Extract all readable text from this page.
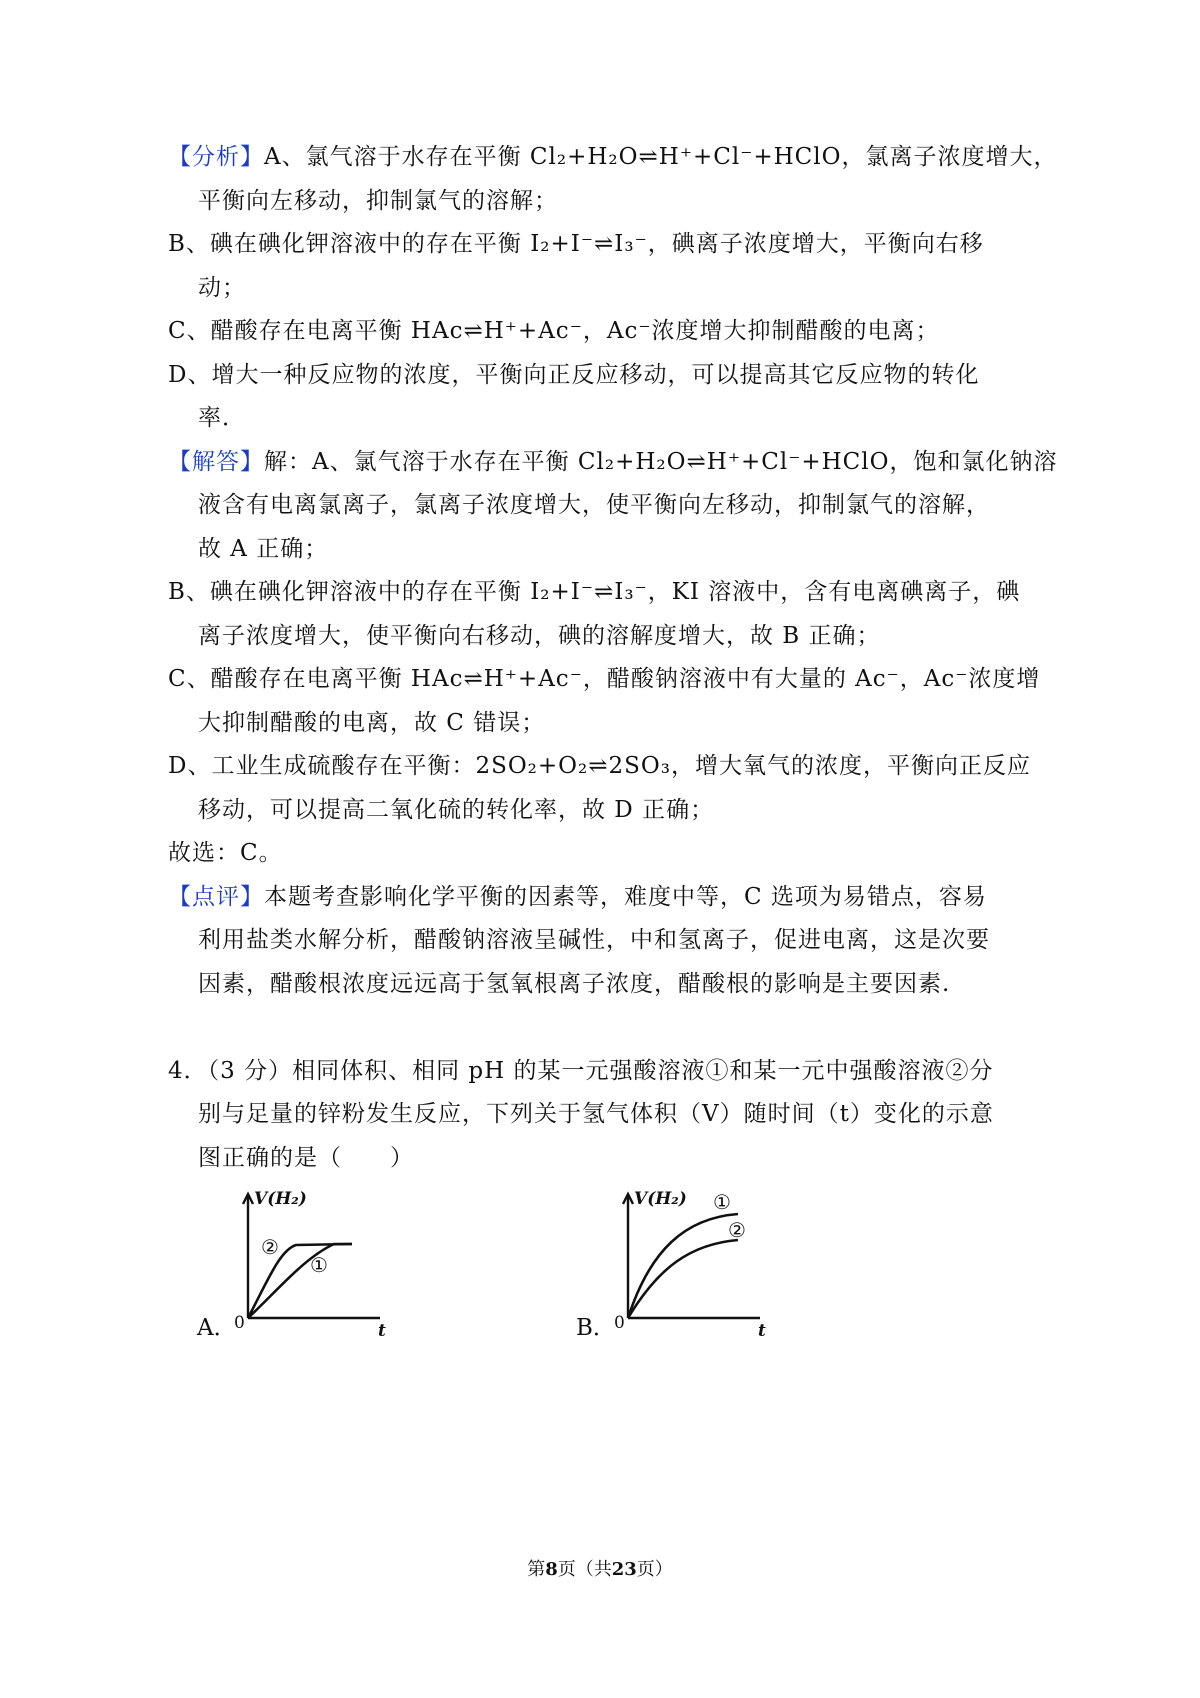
【分析】A、氯气溶于水存在平衡 Cl₂+H₂O⇌H⁺+Cl⁻+HClO，氯离子浓度增大，
平衡向左移动，抑制氯气的溶解；
B、碘在碘化钾溶液中的存在平衡 I₂+I⁻⇌I₃⁻，碘离子浓度增大，平衡向右移
动；
C、醋酸存在电离平衡 HAc⇌H⁺+Ac⁻，Ac⁻浓度增大抑制醋酸的电离；
D、增大一种反应物的浓度，平衡向正反应移动，可以提高其它反应物的转化
率．
【解答】解：A、氯气溶于水存在平衡 Cl₂+H₂O⇌H⁺+Cl⁻+HClO，饱和氯化钠溶
液含有电离氯离子，氯离子浓度增大，使平衡向左移动，抑制氯气的溶解，
故 A 正确；
B、碘在碘化钾溶液中的存在平衡 I₂+I⁻⇌I₃⁻，KI 溶液中，含有电离碘离子，碘
离子浓度增大，使平衡向右移动，碘的溶解度增大，故 B 正确；
C、醋酸存在电离平衡 HAc⇌H⁺+Ac⁻，醋酸钠溶液中有大量的 Ac⁻，Ac⁻浓度增
大抑制醋酸的电离，故 C 错误；
D、工业生成硫酸存在平衡：2SO₂+O₂⇌2SO₃，增大氧气的浓度，平衡向正反应
移动，可以提高二氧化硫的转化率，故 D 正确；
故选：C。
【点评】本题考查影响化学平衡的因素等，难度中等，C 选项为易错点，容易
利用盐类水解分析，醋酸钠溶液呈碱性，中和氢离子，促进电离，这是次要
因素，醋酸根浓度远远高于氢氧根离子浓度，醋酸根的影响是主要因素.
4．（3 分）相同体积、相同 pH 的某一元强酸溶液①和某一元中强酸溶液②分
别与足量的锌粉发生反应，下列关于氢气体积（V）随时间（t）变化的示意
图正确的是（　　）
A．
V(H₂)
t
0
②
①
B．
V(H₂)
t
0
①
②
第8页（共23页）
